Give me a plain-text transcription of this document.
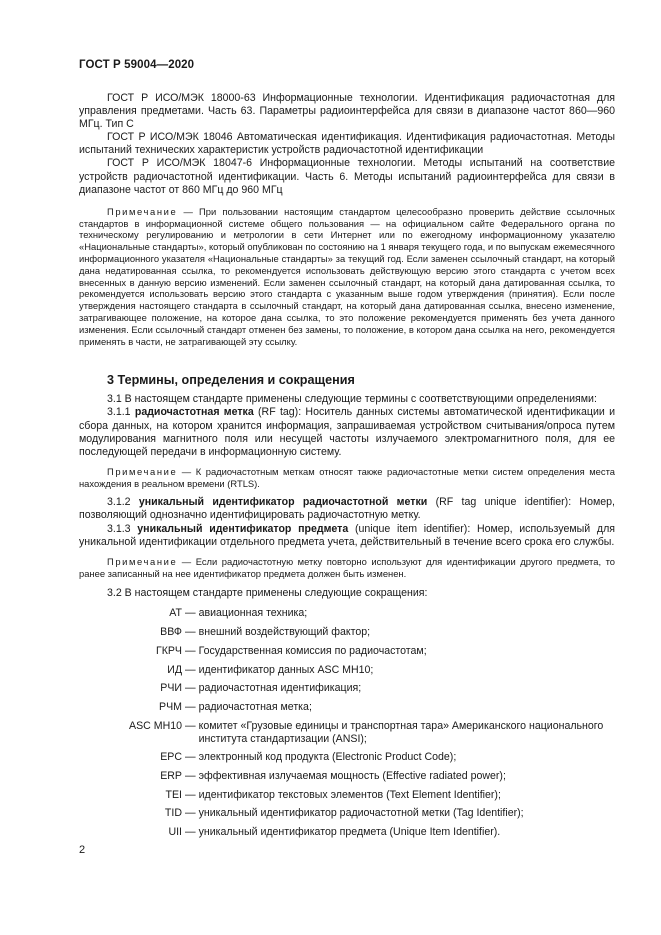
ГОСТ Р 59004—2020

ГОСТ Р ИСО/МЭК 18000-63 Информационные технологии. Идентификация радиочастотная для управления предметами. Часть 63. Параметры радиоинтерфейса для связи в диапазоне частот 860—960 МГц. Тип С

ГОСТ Р ИСО/МЭК 18046 Автоматическая идентификация. Идентификация радиочастотная. Методы испытаний технических характеристик устройств радиочастотной идентификации

ГОСТ Р ИСО/МЭК 18047-6 Информационные технологии. Методы испытаний на соответствие устройств радиочастотной идентификации. Часть 6. Методы испытаний радиоинтерфейса для связи в диапазоне частот от 860 МГц до 960 МГц

Примечание — При пользовании настоящим стандартом целесообразно проверить действие ссылочных стандартов в информационной системе общего пользования — на официальном сайте Федерального органа по техническому регулированию и метрологии в сети Интернет или по ежегодному информационному указателю «Национальные стандарты», который опубликован по состоянию на 1 января текущего года, и по выпускам ежемесячного информационного указателя «Национальные стандарты» за текущий год. Если заменен ссылочный стандарт, на который дана недатированная ссылка, то рекомендуется использовать действующую версию этого стандарта с учетом всех внесенных в данную версию изменений. Если заменен ссылочный стандарт, на который дана датированная ссылка, то рекомендуется использовать версию этого стандарта с указанным выше годом утверждения (принятия). Если после утверждения настоящего стандарта в ссылочный стандарт, на который дана датированная ссылка, внесено изменение, затрагивающее положение, на которое дана ссылка, то это положение рекомендуется применять без учета данного изменения. Если ссылочный стандарт отменен без замены, то положение, в котором дана ссылка на него, рекомендуется применять в части, не затрагивающей эту ссылку.

3 Термины, определения и сокращения

3.1 В настоящем стандарте применены следующие термины с соответствующими определениями:

3.1.1 радиочастотная метка (RF tag): Носитель данных системы автоматической идентификации и сбора данных, на котором хранится информация, запрашиваемая устройством считывания/опроса путем модулирования магнитного поля или несущей частоты излучаемого электромагнитного поля, для ее последующей передачи в информационную систему.

Примечание — К радиочастотным меткам относят также радиочастотные метки систем определения места нахождения в реальном времени (RTLS).

3.1.2 уникальный идентификатор радиочастотной метки (RF tag unique identifier): Номер, позволяющий однозначно идентифицировать радиочастотную метку.

3.1.3 уникальный идентификатор предмета (unique item identifier): Номер, используемый для уникальной идентификации отдельного предмета учета, действительный в течение всего срока его службы.

Примечание — Если радиочастотную метку повторно используют для идентификации другого предмета, то ранее записанный на нее идентификатор предмета должен быть изменен.

3.2 В настоящем стандарте применены следующие сокращения:

АТ — авиационная техника;
ВВФ — внешний воздействующий фактор;
ГКРЧ — Государственная комиссия по радиочастотам;
ИД — идентификатор данных ASC MH10;
РЧИ — радиочастотная идентификация;
РЧМ — радиочастотная метка;
ASC MH10 — комитет «Грузовые единицы и транспортная тара» Американского национального института стандартизации (ANSI);
EPC — электронный код продукта (Electronic Product Code);
ERP — эффективная излучаемая мощность (Effective radiated power);
TEI — идентификатор текстовых элементов (Text Element Identifier);
TID — уникальный идентификатор радиочастотной метки (Tag Identifier);
UII — уникальный идентификатор предмета (Unique Item Identifier).
2
